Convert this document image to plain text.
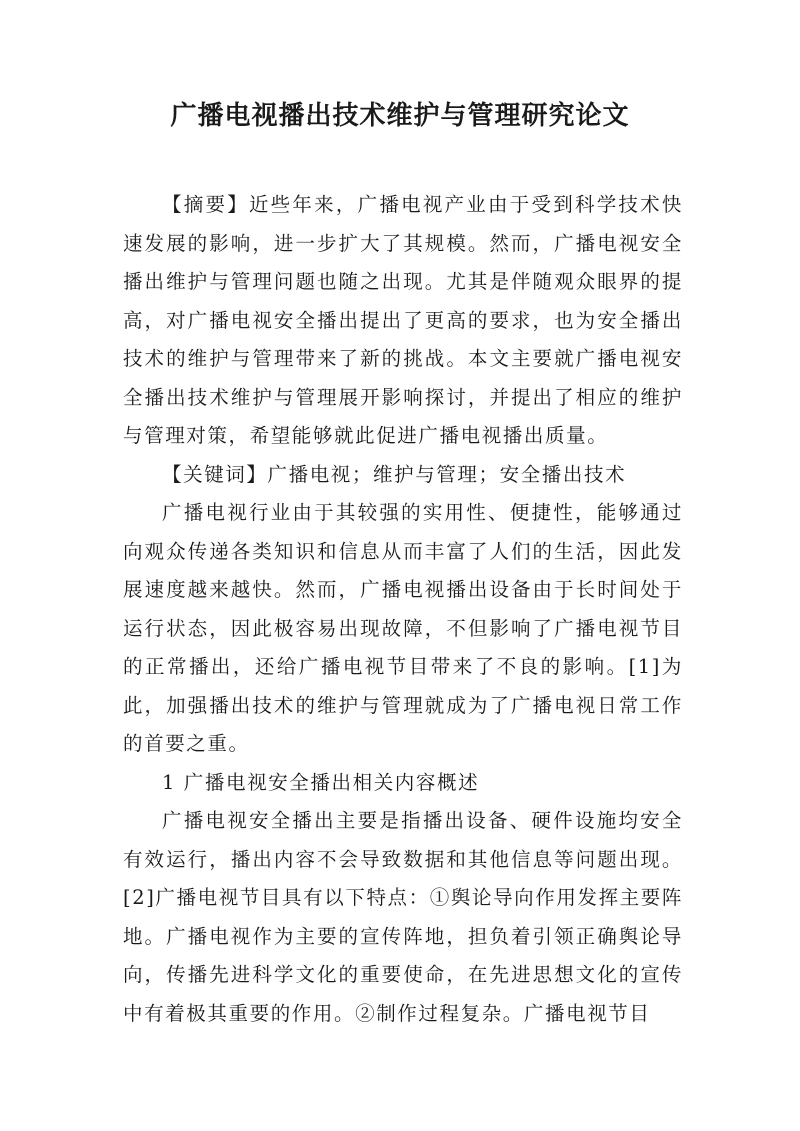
广播电视播出技术维护与管理研究论文

【摘要】近些年来，广播电视产业由于受到科学技术快速发展的影响，进一步扩大了其规模。然而，广播电视安全播出维护与管理问题也随之出现。尤其是伴随观众眼界的提高，对广播电视安全播出提出了更高的要求，也为安全播出技术的维护与管理带来了新的挑战。本文主要就广播电视安全播出技术维护与管理展开影响探讨，并提出了相应的维护与管理对策，希望能够就此促进广播电视播出质量。

【关键词】广播电视；维护与管理；安全播出技术

广播电视行业由于其较强的实用性、便捷性，能够通过向观众传递各类知识和信息从而丰富了人们的生活，因此发展速度越来越快。然而，广播电视播出设备由于长时间处于运行状态，因此极容易出现故障，不但影响了广播电视节目的正常播出，还给广播电视节目带来了不良的影响。[1]为此，加强播出技术的维护与管理就成为了广播电视日常工作的首要之重。

1 广播电视安全播出相关内容概述

广播电视安全播出主要是指播出设备、硬件设施均安全有效运行，播出内容不会导致数据和其他信息等问题出现。[2]广播电视节目具有以下特点：①舆论导向作用发挥主要阵地。广播电视作为主要的宣传阵地，担负着引领正确舆论导向，传播先进科学文化的重要使命，在先进思想文化的宣传中有着极其重要的作用。②制作过程复杂。广播电视节目
